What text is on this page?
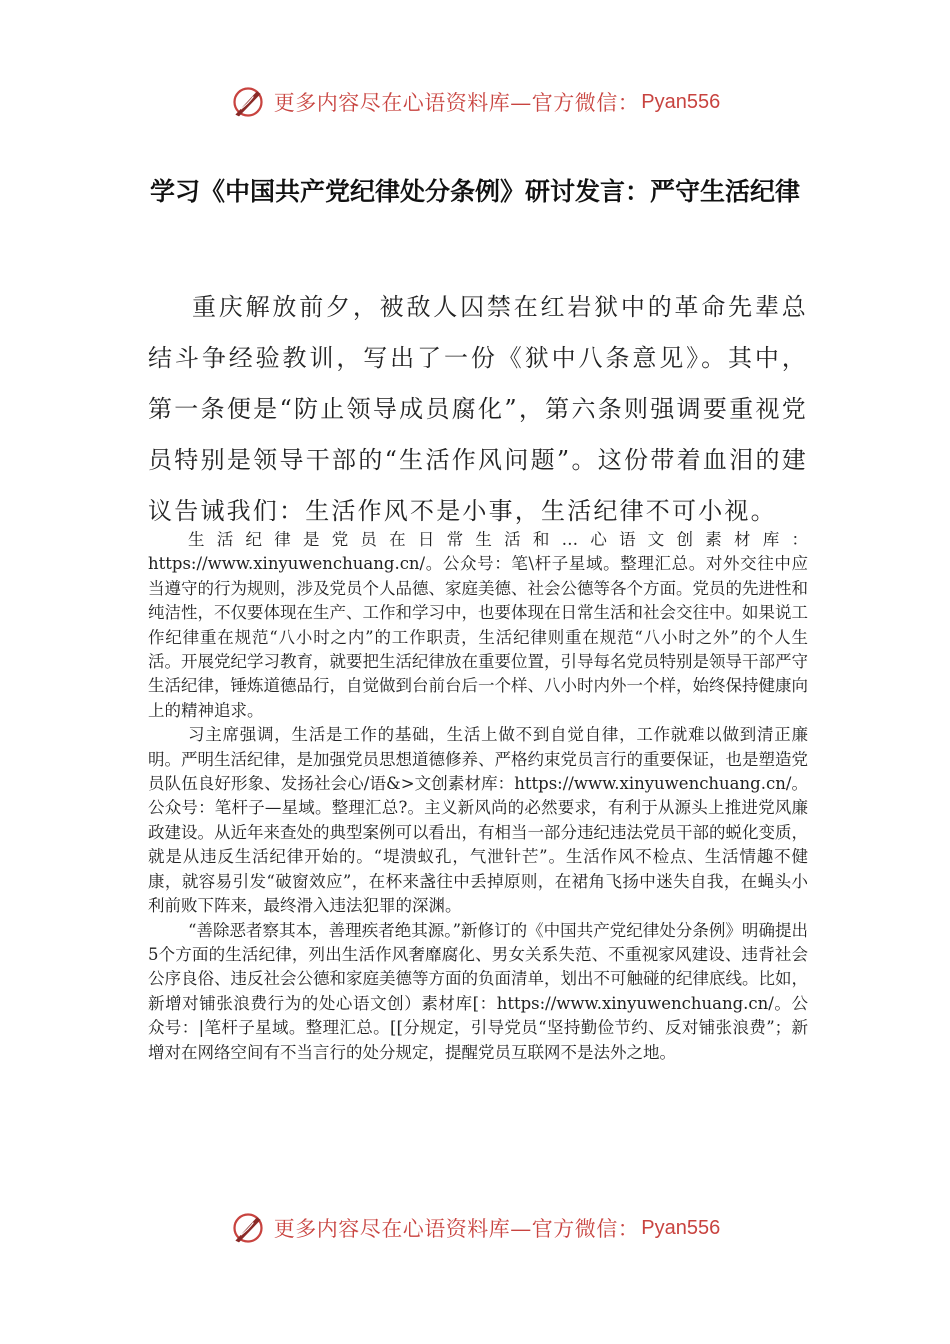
更多内容尽在心语资料库—官方微信： Pyan556
学习《中国共产党纪律处分条例》研讨发言：严守生活纪律
重庆解放前夕，被敌人囚禁在红岩狱中的革命先辈总结斗争经验教训，写出了一份《狱中八条意见》。其中，第一条便是“防止领导成员腐化”，第六条则强调要重视党员特别是领导干部的“生活作风问题”。这份带着血泪的建议告诫我们：生活作风不是小事，生活纪律不可小视。

生活纪律是党员在日常生活和…心语文创素材库：https://www.xinyuwenchuang.cn/。公众号：笔\杆子星域。整理汇总。对外交往中应当遵守的行为规则，涉及党员个人品德、家庭美德、社会公德等各个方面。党员的先进性和纯洁性，不仅要体现在生产、工作和学习中，也要体现在日常生活和社会交往中。如果说工作纪律重在规范“八小时之内”的工作职责，生活纪律则重在规范“八小时之外”的个人生活。开展党纪学习教育，就要把生活纪律放在重要位置，引导每名党员特别是领导干部严守生活纪律，锤炼道德品行，自觉做到台前台后一个样、八小时内外一个样，始终保持健康向上的精神追求。

习主席强调，生活是工作的基础，生活上做不到自觉自律，工作就难以做到清正廉明。严明生活纪律，是加强党员思想道德修养、严格约束党员言行的重要保证，也是塑造党员队伍良好形象、发扬社会心/语&>文创素材库：https://www.xinyuwenchuang.cn/。公众号：笔杆子—星域。整理汇总?。主义新风尚的必然要求，有利于从源头上推进党风廉政建设。从近年来查处的典型案例可以看出，有相当一部分违纪违法党员干部的蜕化变质，就是从违反生活纪律开始的。“堤溃蚁孔，气泄针芒”。生活作风不检点、生活情趣不健康，就容易引发“破窗效应”，在杯来盏往中丢掉原则，在裙角飞扬中迷失自我，在蝇头小利前败下阵来，最终滑入违法犯罪的深渊。

“善除恶者察其本，善理疾者绝其源。”新修订的《中国共产党纪律处分条例》明确提出5个方面的生活纪律，列出生活作风奢靡腐化、男女关系失范、不重视家风建设、违背社会公序良俗、违反社会公德和家庭美德等方面的负面清单，划出不可触碰的纪律底线。比如，新增对铺张浪费行为的处心语文创）素材库[：https://www.xinyuwenchuang.cn/。公众号：|笔杆子星域。整理汇总。[[分规定，引导党员“坚持勤俭节约、反对铺张浪费”；新增对在网络空间有不当言行的处分规定，提醒党员互联网不是法外之地。

更多内容尽在心语资料库—官方微信： Pyan556
